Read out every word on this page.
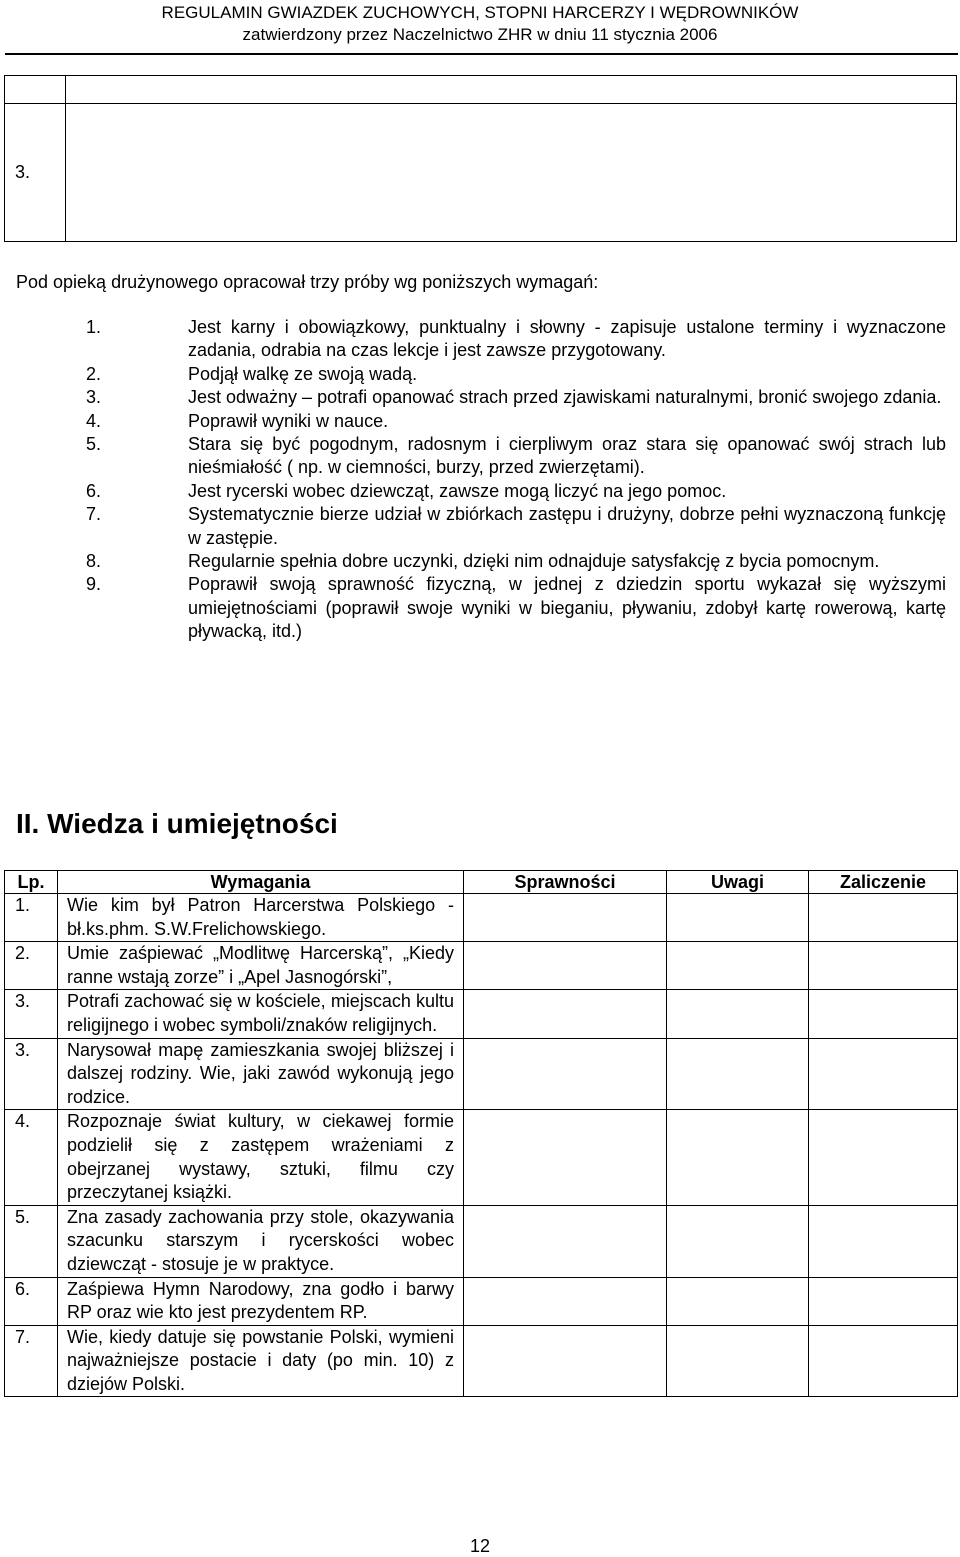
REGULAMIN GWIAZDEK ZUCHOWYCH, STOPNI HARCERZY I WĘDROWNIKÓW
zatwierdzony przez Naczelnictwo ZHR w dniu 11 stycznia 2006

3.	
Pod opieką drużynowego opracował trzy próby wg poniższych wymagań:
1.	Jest karny i obowiązkowy, punktualny i słowny - zapisuje ustalone terminy i wyznaczone zadania, odrabia na czas lekcje i jest zawsze przygotowany.
2.	Podjął walkę ze swoją wadą.
3.	Jest odważny – potrafi opanować strach przed zjawiskami naturalnymi, bronić swojego zdania.
4.	Poprawił wyniki w nauce.
5.	Stara się być pogodnym, radosnym i cierpliwym oraz stara się opanować swój strach lub nieśmiałość ( np. w ciemności, burzy, przed zwierzętami).
6.	Jest rycerski wobec dziewcząt, zawsze mogą liczyć na jego pomoc.
7.	Systematycznie bierze udział w zbiórkach zastępu i drużyny, dobrze pełni wyznaczoną funkcję w zastępie.
8.	Regularnie spełnia dobre uczynki, dzięki nim odnajduje satysfakcję z bycia pomocnym.
9.	Poprawił swoją sprawność fizyczną, w jednej z dziedzin sportu wykazał się wyższymi umiejętnościami (poprawił swoje wyniki w bieganiu, pływaniu, zdobył kartę rowerową, kartę pływacką, itd.)
II. Wiedza i umiejętności
Lp.	Wymagania	Sprawności	Uwagi	Zaliczenie
1.	Wie kim był Patron Harcerstwa Polskiego - bł.ks.phm. S.W.Frelichowskiego.			
2.	Umie zaśpiewać „Modlitwę Harcerską”, „Kiedy ranne wstają zorze” i „Apel Jasnogórski”,			
3.	Potrafi zachować się w kościele, miejscach kultu religijnego i wobec symboli/znaków religijnych.			
3.	Narysował mapę zamieszkania swojej bliższej i dalszej rodziny. Wie, jaki zawód wykonują jego rodzice.			
4.	Rozpoznaje świat kultury, w ciekawej formie podzielił się z zastępem wrażeniami z obejrzanej wystawy, sztuki, filmu czy przeczytanej książki.			
5.	Zna zasady zachowania przy stole, okazywania szacunku starszym i rycerskości wobec dziewcząt - stosuje je w praktyce.			
6.	Zaśpiewa Hymn Narodowy, zna godło i barwy RP oraz wie kto jest prezydentem RP.			
7.	Wie, kiedy datuje się powstanie Polski, wymieni najważniejsze postacie i daty (po min. 10) z dziejów Polski.			
12
